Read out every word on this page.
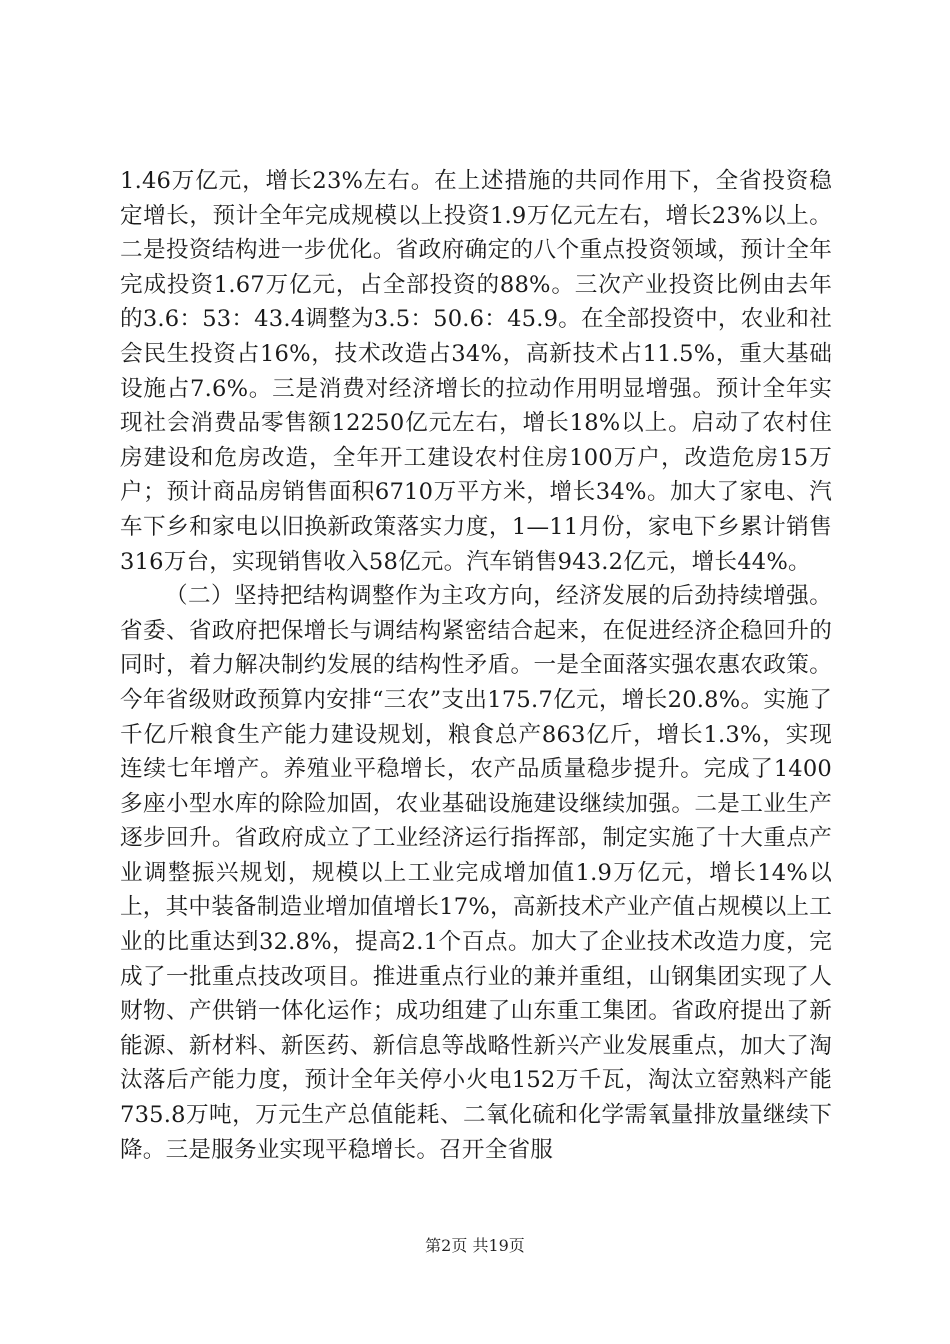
1.46万亿元，增长23%左右。在上述措施的共同作用下，全省投资稳定增长，预计全年完成规模以上投资1.9万亿元左右，增长23%以上。二是投资结构进一步优化。省政府确定的八个重点投资领域，预计全年完成投资1.67万亿元，占全部投资的88%。三次产业投资比例由去年的3.6：53：43.4调整为3.5：50.6：45.9。在全部投资中，农业和社会民生投资占16%，技术改造占34%，高新技术占11.5%，重大基础设施占7.6%。三是消费对经济增长的拉动作用明显增强。预计全年实现社会消费品零售额12250亿元左右，增长18%以上。启动了农村住房建设和危房改造，全年开工建设农村住房100万户，改造危房15万户；预计商品房销售面积6710万平方米，增长34%。加大了家电、汽车下乡和家电以旧换新政策落实力度，1—11月份，家电下乡累计销售316万台，实现销售收入58亿元。汽车销售943.2亿元，增长44%。

（二）坚持把结构调整作为主攻方向，经济发展的后劲持续增强。省委、省政府把保增长与调结构紧密结合起来，在促进经济企稳回升的同时，着力解决制约发展的结构性矛盾。一是全面落实强农惠农政策。今年省级财政预算内安排“三农”支出175.7亿元，增长20.8%。实施了千亿斤粮食生产能力建设规划，粮食总产863亿斤，增长1.3%，实现连续七年增产。养殖业平稳增长，农产品质量稳步提升。完成了1400多座小型水库的除险加固，农业基础设施建设继续加强。二是工业生产逐步回升。省政府成立了工业经济运行指挥部，制定实施了十大重点产业调整振兴规划，规模以上工业完成增加值1.9万亿元，增长14%以上，其中装备制造业增加值增长17%，高新技术产业产值占规模以上工业的比重达到32.8%，提高2.1个百点。加大了企业技术改造力度，完成了一批重点技改项目。推进重点行业的兼并重组，山钢集团实现了人财物、产供销一体化运作；成功组建了山东重工集团。省政府提出了新能源、新材料、新医药、新信息等战略性新兴产业发展重点，加大了淘汰落后产能力度，预计全年关停小火电152万千瓦，淘汰立窑熟料产能735.8万吨，万元生产总值能耗、二氧化硫和化学需氧量排放量继续下降。三是服务业实现平稳增长。召开全省服

第2页 共19页
